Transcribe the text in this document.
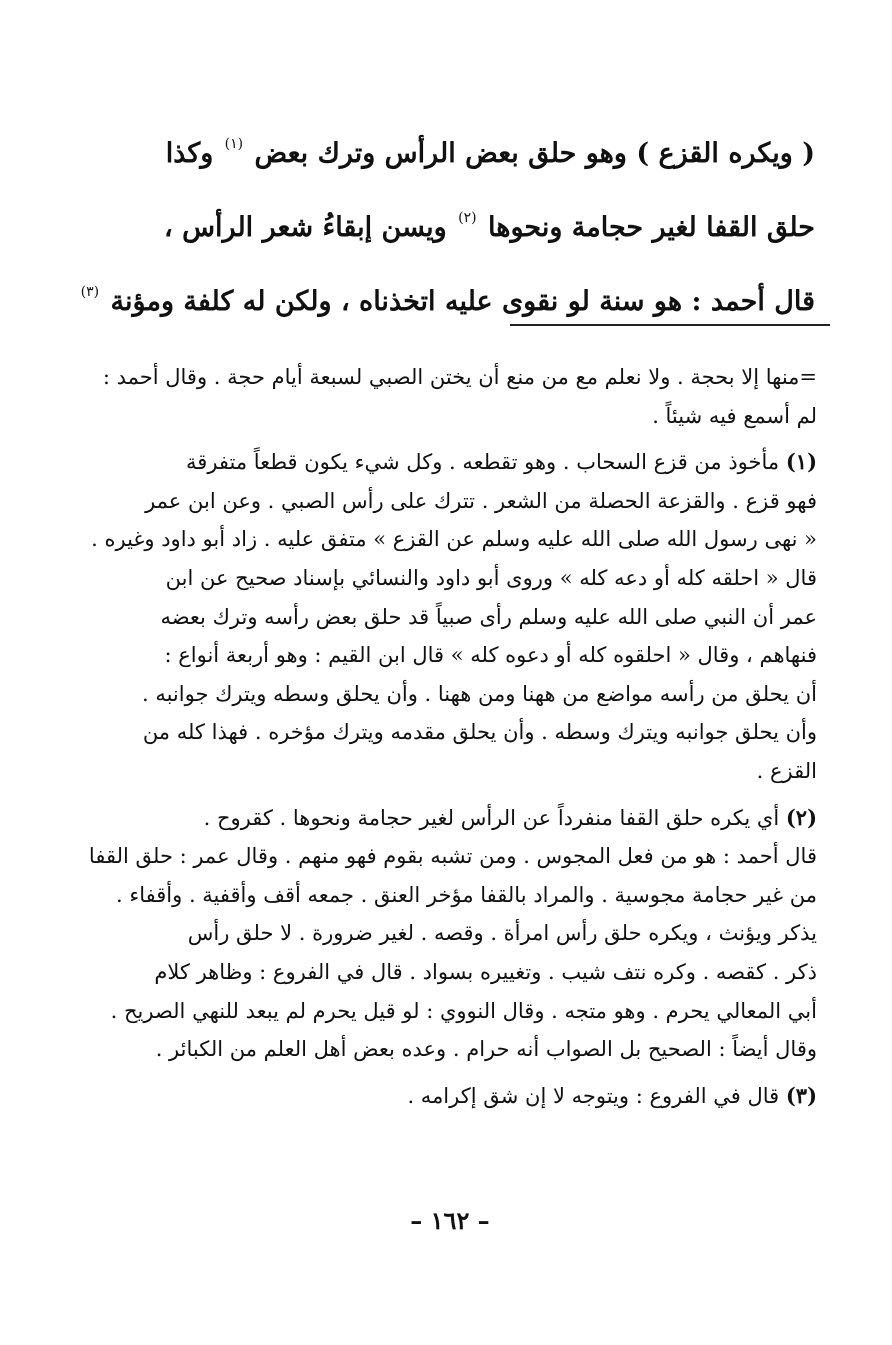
( ويكره القزع ) وهو حلق بعض الرأس وترك بعض $^{(١)}$ وكذا
حلق القفا لغير حجامة ونحوها $^{(٢)}$ ويسن إبقاءُ شعر الرأس ،
قال أحمد : هو سنة لو نقوى عليه اتخذناه ، ولكن له كلفة ومؤنة $^{(٣)}$
=منها إلا بحجة . ولا نعلم مع من منع أن يختن الصبي لسبعة أيام حجة . وقال أحمد :
لم أسمع فيه شيئاً .
(١) مأخوذ من قزع السحاب . وهو تقطعه . وكل شيء يكون قطعاً متفرقة
فهو قزع . والقزعة الحصلة من الشعر . تترك على رأس الصبي . وعن ابن عمر
« نهى رسول الله صلى الله عليه وسلم عن القزع » متفق عليه . زاد أبو داود وغيره .
قال « احلقه كله أو دعه كله » وروى أبو داود والنسائي بإسناد صحيح عن ابن
عمر أن النبي صلى الله عليه وسلم رأى صبياً قد حلق بعض رأسه وترك بعضه
فنهاهم ، وقال « احلقوه كله أو دعوه كله » قال ابن القيم : وهو أربعة أنواع :
أن يحلق من رأسه مواضع من ههنا ومن ههنا . وأن يحلق وسطه ويترك جوانبه .
وأن يحلق جوانبه ويترك وسطه . وأن يحلق مقدمه ويترك مؤخره . فهذا كله من
القزع .
(٢) أي يكره حلق القفا منفرداً عن الرأس لغير حجامة ونحوها . كقروح .
قال أحمد : هو من فعل المجوس . ومن تشبه بقوم فهو منهم . وقال عمر : حلق القفا
من غير حجامة مجوسية . والمراد بالقفا مؤخر العنق . جمعه أقف وأقفية . وأقفاء .
يذكر ويؤنث ، ويكره حلق رأس امرأة . وقصه . لغير ضرورة . لا حلق رأس
ذكر . كقصه . وكره نتف شيب . وتغييره بسواد . قال في الفروع : وظاهر كلام
أبي المعالي يحرم . وهو متجه . وقال النووي : لو قيل يحرم لم يبعد للنهي الصريح .
وقال أيضاً : الصحيح بل الصواب أنه حرام . وعده بعض أهل العلم من الكبائر .
(٣) قال في الفروع : ويتوجه لا إن شق إكرامه .
– ١٦٢ –
